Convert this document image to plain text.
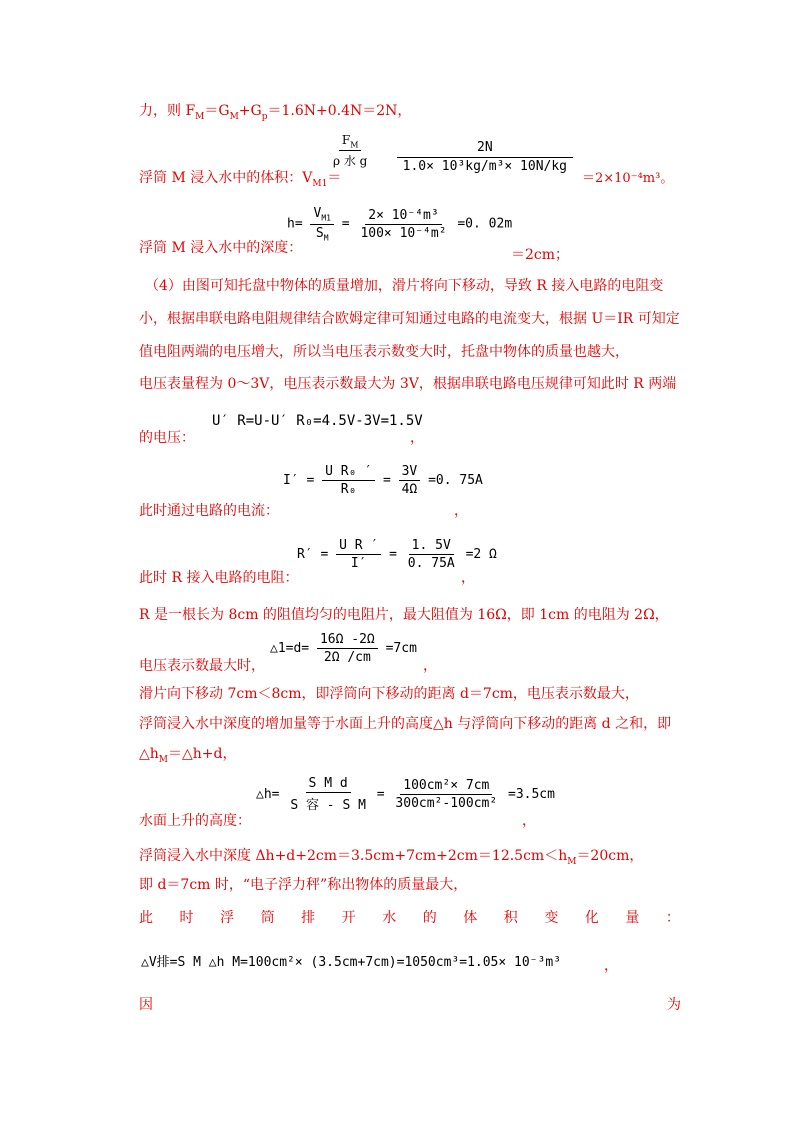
力，则 $F_M=G_M+G_p=1.6N+0.4N=2N$，
$\frac{F_M}{\text{ρ 水 g}} \frac{2N}{\text{1.0× 10³kg/m³× 10N/kg}}$
浮筒 M 浸入水中的体积：$V_{M1}=$	＝2×10⁻⁴m³。
$h= \frac{V_{M1}}{S_M} = \frac{\text{2× 10⁻⁴m³}}{\text{100× 10⁻⁴m²}} =0$. 02m
浮筒 M 浸入水中的深度：	＝2cm；
（4）由图可知托盘中物体的质量增加，滑片将向下移动，导致 R 接入电路的电阻变
小，根据串联电路电阻规律结合欧姆定律可知通过电路的电流变大，根据 U＝IR 可知定
值电阻两端的电压增大，所以当电压表示数变大时，托盘中物体的质量也越大，
电压表量程为 0～3V，电压表示数最大为 3V，根据串联电路电压规律可知此时 R 两端
U′ R=U-U′ R₀=4.5V-3V=1.5V
的电压：	，
$I' = \frac{\text{U R₀ ′}}{\text{R₀}} = \frac{3V}{4\Omega} =0$. 75A
此时通过电路的电流：	，
$R' = \frac{\text{U R ′}}{I'} = \frac{1. 5V}{0. 75A} =2$ Ω
此时 R 接入电路的电阻：	，
R 是一根长为 8cm 的阻值均匀的电阻片，最大阻值为 16Ω，即 1cm 的电阻为 2Ω，
△1=d= $\frac{16\Omega -2\Omega}{2\Omega /cm} =7cm$
电压表示数最大时，	，
滑片向下移动 7cm＜8cm，即浮筒向下移动的距离 d＝7cm，电压表示数最大，
浮筒浸入水中深度的增加量等于水面上升的高度△h 与浮筒向下移动的距离 d 之和，即
$\triangle h_M=\triangle h+d$，
△h= $\frac{\text{S M d}}{\text{S 容 - S M}} = \frac{\text{100cm²× 7cm}}{\text{300cm²-100cm²}} =3.5cm$
水面上升的高度：	，
浮筒浸入水中深度 $\Delta h+d+2cm=3.5cm+7cm+2cm=12.5cm<h_M=20cm$，
即 d＝7cm 时，“电子浮力秤”称出物体的质量最大，
此 时 浮 筒 排 开 水 的 体 积 变 化 量 ：
△V排=S M △h M=100cm²× (3.5cm+7cm)=1050cm³=1.05× 10⁻³m³	，
因	为
